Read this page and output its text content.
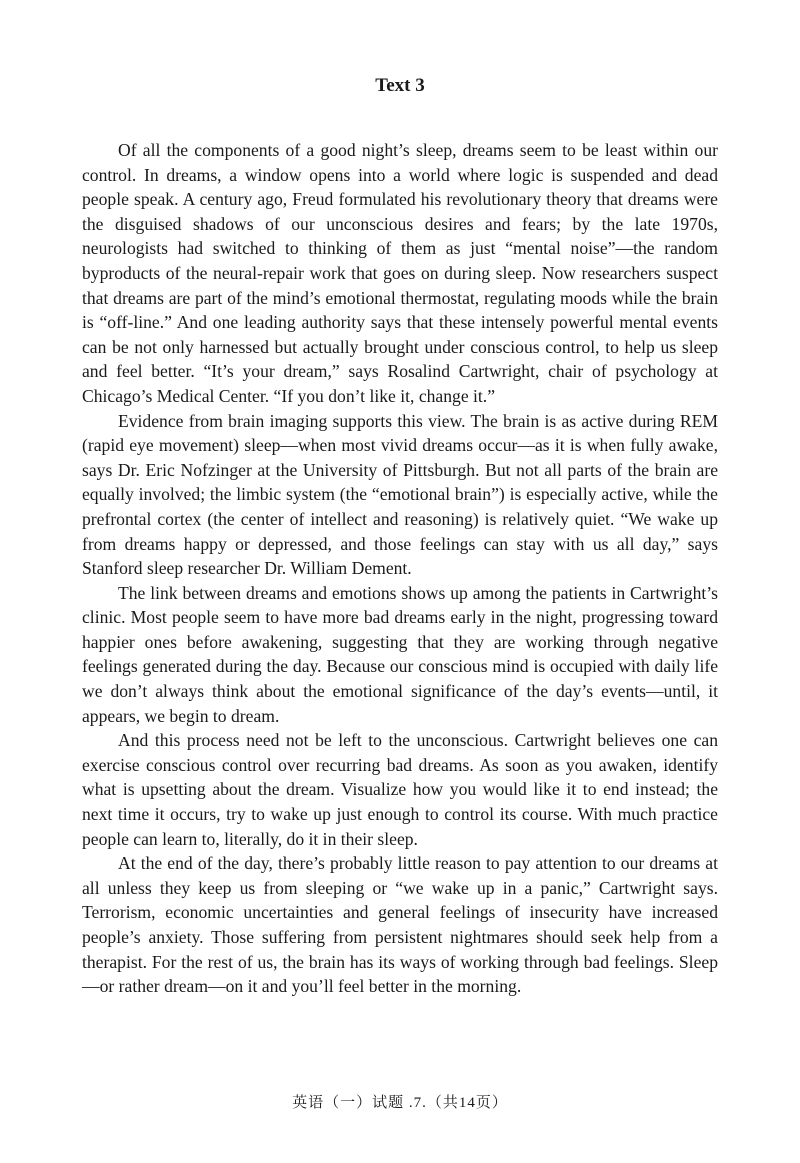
Text 3

Of all the components of a good night’s sleep, dreams seem to be least within our control. In dreams, a window opens into a world where logic is suspended and dead people speak. A century ago, Freud formulated his revolutionary theory that dreams were the disguised shadows of our unconscious desires and fears; by the late 1970s, neurologists had switched to thinking of them as just “mental noise”—the random byproducts of the neural-repair work that goes on during sleep. Now researchers suspect that dreams are part of the mind’s emotional thermostat, regulating moods while the brain is “off-line.” And one leading authority says that these intensely powerful mental events can be not only harnessed but actually brought under conscious control, to help us sleep and feel better. “It’s your dream,” says Rosalind Cartwright, chair of psychology at Chicago’s Medical Center. “If you don’t like it, change it.”

Evidence from brain imaging supports this view. The brain is as active during REM (rapid eye movement) sleep—when most vivid dreams occur—as it is when fully awake, says Dr. Eric Nofzinger at the University of Pittsburgh. But not all parts of the brain are equally involved; the limbic system (the “emotional brain”) is especially active, while the prefrontal cortex (the center of intellect and reasoning) is relatively quiet. “We wake up from dreams happy or depressed, and those feelings can stay with us all day,” says Stanford sleep researcher Dr. William Dement.

The link between dreams and emotions shows up among the patients in Cartwright’s clinic. Most people seem to have more bad dreams early in the night, progressing toward happier ones before awakening, suggesting that they are working through negative feelings generated during the day. Because our conscious mind is occupied with daily life we don’t always think about the emotional significance of the day’s events—until, it appears, we begin to dream.

And this process need not be left to the unconscious. Cartwright believes one can exercise conscious control over recurring bad dreams. As soon as you awaken, identify what is upsetting about the dream. Visualize how you would like it to end instead; the next time it occurs, try to wake up just enough to control its course. With much practice people can learn to, literally, do it in their sleep.

At the end of the day, there’s probably little reason to pay attention to our dreams at all unless they keep us from sleeping or “we wake up in a panic,” Cartwright says. Terrorism, economic uncertainties and general feelings of insecurity have increased people’s anxiety. Those suffering from persistent nightmares should seek help from a therapist. For the rest of us, the brain has its ways of working through bad feelings. Sleep—or rather dream—on it and you’ll feel better in the morning.

英语（一）试题 .7.（共14页）
